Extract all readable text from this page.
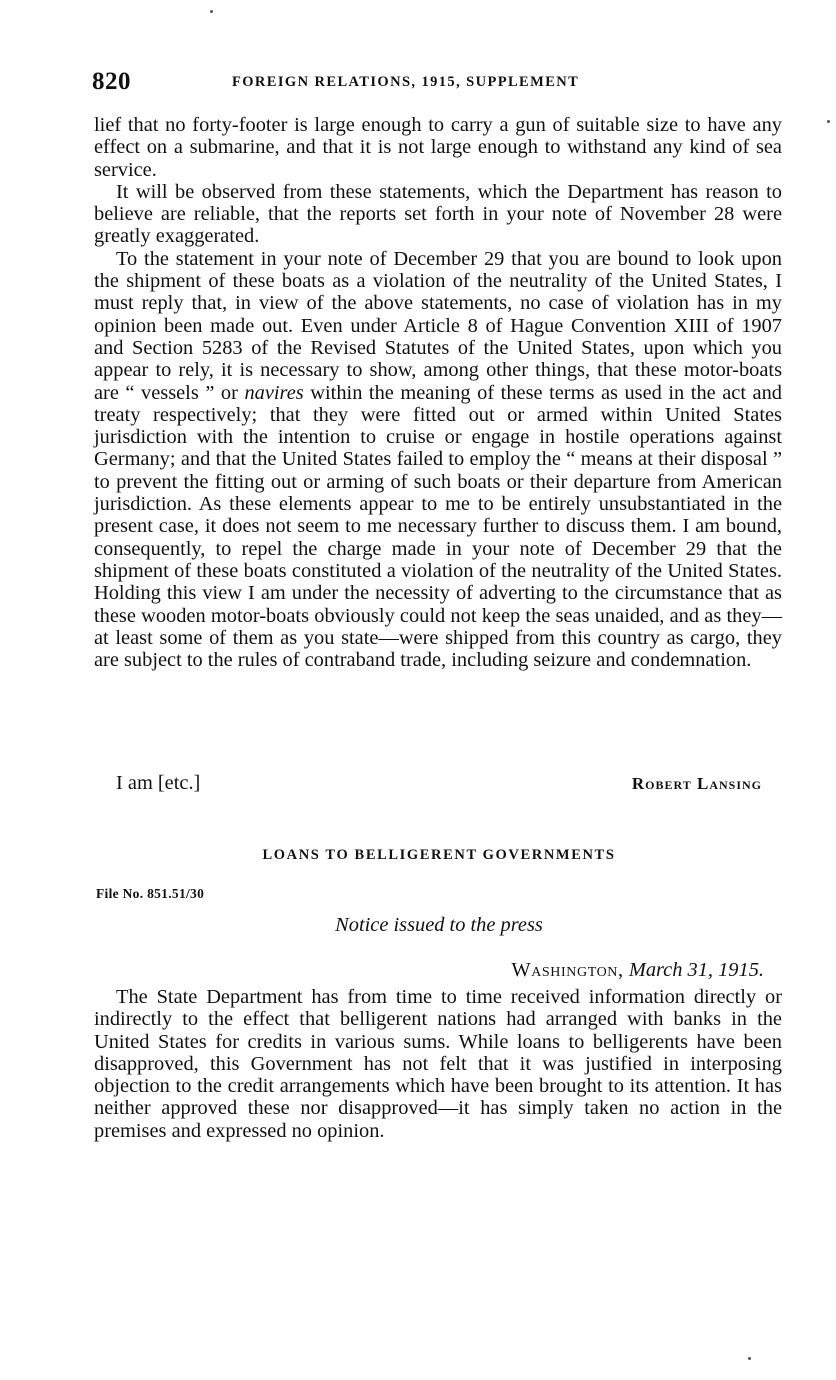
820	FOREIGN RELATIONS, 1915, SUPPLEMENT

lief that no forty-footer is large enough to carry a gun of suitable size to have any effect on a submarine, and that it is not large enough to withstand any kind of sea service.

It will be observed from these statements, which the Department has reason to believe are reliable, that the reports set forth in your note of November 28 were greatly exaggerated.

To the statement in your note of December 29 that you are bound to look upon the shipment of these boats as a violation of the neutrality of the United States, I must reply that, in view of the above statements, no case of violation has in my opinion been made out. Even under Article 8 of Hague Convention XIII of 1907 and Section 5283 of the Revised Statutes of the United States, upon which you appear to rely, it is necessary to show, among other things, that these motor-boats are “ vessels ” or navires within the meaning of these terms as used in the act and treaty respectively; that they were fitted out or armed within United States jurisdiction with the intention to cruise or engage in hostile operations against Germany; and that the United States failed to employ the “ means at their disposal ” to prevent the fitting out or arming of such boats or their departure from American jurisdiction. As these elements appear to me to be entirely unsubstantiated in the present case, it does not seem to me necessary further to discuss them. I am bound, consequently, to repel the charge made in your note of December 29 that the shipment of these boats constituted a violation of the neutrality of the United States. Holding this view I am under the necessity of adverting to the circumstance that as these wooden motor-boats obviously could not keep the seas unaided, and as they—at least some of them as you state—were shipped from this country as cargo, they are subject to the rules of contraband trade, including seizure and condemnation.

I am [etc.]	Robert Lansing
LOANS TO BELLIGERENT GOVERNMENTS
File No. 851.51/30
Notice issued to the press
Washington, March 31, 1915.

The State Department has from time to time received information directly or indirectly to the effect that belligerent nations had arranged with banks in the United States for credits in various sums. While loans to belligerents have been disapproved, this Government has not felt that it was justified in interposing objection to the credit arrangements which have been brought to its attention. It has neither approved these nor disapproved—it has simply taken no action in the premises and expressed no opinion.
